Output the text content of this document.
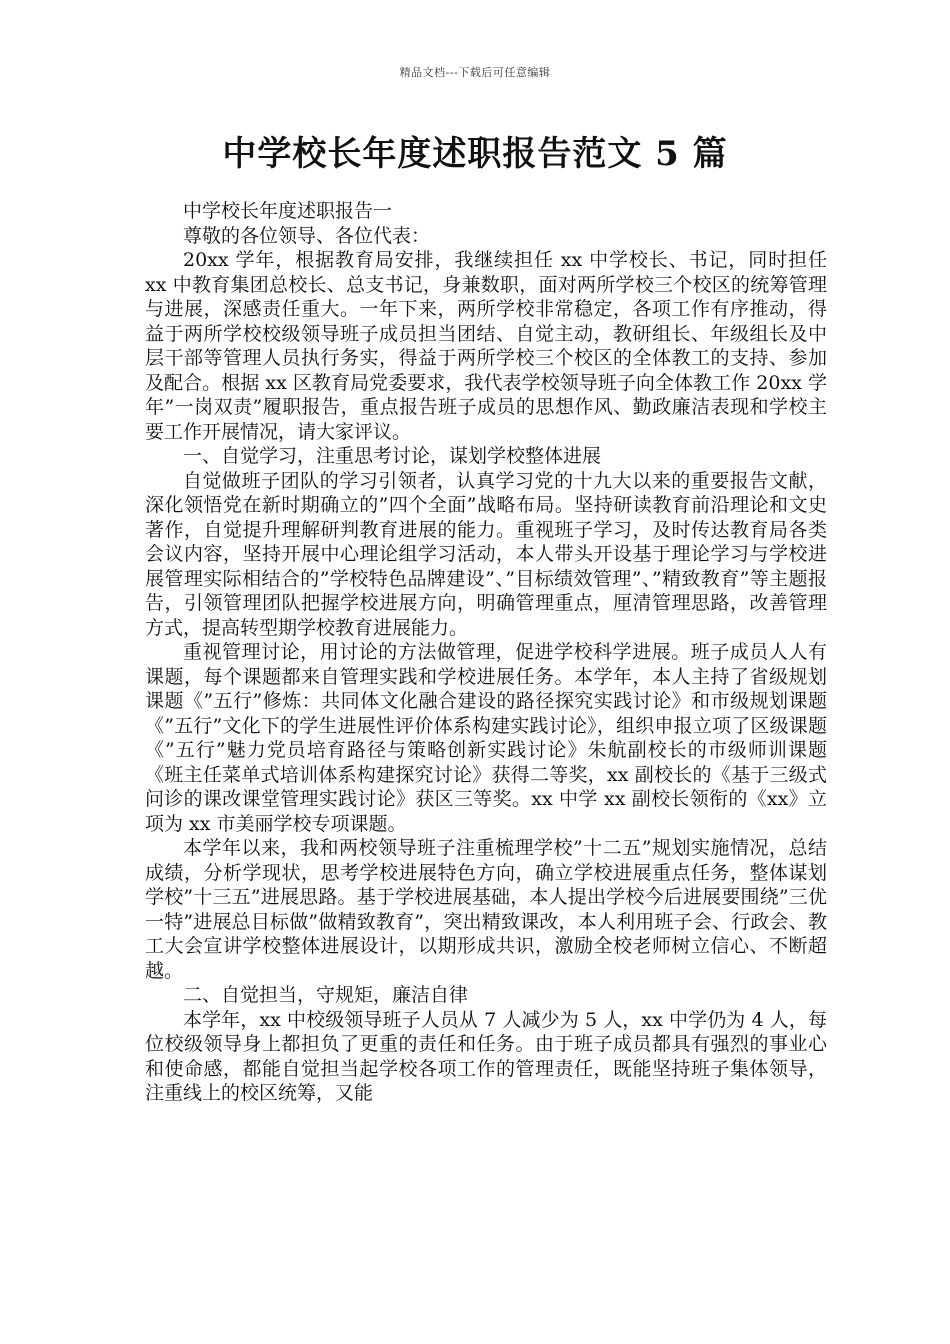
精品文档---下载后可任意编辑
中学校长年度述职报告范文 5 篇

中学校长年度述职报告一

尊敬的各位领导、各位代表：

20xx 学年，根据教育局安排，我继续担任 xx 中学校长、书记，同时担任 xx 中教育集团总校长、总支书记，身兼数职，面对两所学校三个校区的统筹管理与进展，深感责任重大。一年下来，两所学校非常稳定，各项工作有序推动，得益于两所学校校级领导班子成员担当团结、自觉主动，教研组长、年级组长及中层干部等管理人员执行务实，得益于两所学校三个校区的全体教工的支持、参加及配合。根据 xx 区教育局党委要求，我代表学校领导班子向全体教工作 20xx 学年”一岗双责”履职报告，重点报告班子成员的思想作风、勤政廉洁表现和学校主要工作开展情况，请大家评议。

一、自觉学习，注重思考讨论，谋划学校整体进展

自觉做班子团队的学习引领者，认真学习党的十九大以来的重要报告文献，深化领悟党在新时期确立的”四个全面”战略布局。坚持研读教育前沿理论和文史著作，自觉提升理解研判教育进展的能力。重视班子学习，及时传达教育局各类会议内容，坚持开展中心理论组学习活动，本人带头开设基于理论学习与学校进展管理实际相结合的”学校特色品牌建设”、”目标绩效管理”、”精致教育”等主题报告，引领管理团队把握学校进展方向，明确管理重点，厘清管理思路，改善管理方式，提高转型期学校教育进展能力。

重视管理讨论，用讨论的方法做管理，促进学校科学进展。班子成员人人有课题，每个课题都来自管理实践和学校进展任务。本学年，本人主持了省级规划课题《”五行”修炼：共同体文化融合建设的路径探究实践讨论》和市级规划课题《”五行”文化下的学生进展性评价体系构建实践讨论》，组织申报立项了区级课题《”五行”魅力党员培育路径与策略创新实践讨论》朱航副校长的市级师训课题《班主任菜单式培训体系构建探究讨论》获得二等奖，xx 副校长的《基于三级式问诊的课改课堂管理实践讨论》获区三等奖。xx 中学 xx 副校长领衔的《xx》立项为 xx 市美丽学校专项课题。

本学年以来，我和两校领导班子注重梳理学校”十二五”规划实施情况，总结成绩，分析学现状，思考学校进展特色方向，确立学校进展重点任务，整体谋划学校”十三五”进展思路。基于学校进展基础，本人提出学校今后进展要围绕”三优一特”进展总目标做”做精致教育”，突出精致课改，本人利用班子会、行政会、教工大会宣讲学校整体进展设计，以期形成共识，激励全校老师树立信心、不断超越。

二、自觉担当，守规矩，廉洁自律

本学年，xx 中校级领导班子人员从 7 人减少为 5 人，xx 中学仍为 4 人，每位校级领导身上都担负了更重的责任和任务。由于班子成员都具有强烈的事业心和使命感，都能自觉担当起学校各项工作的管理责任，既能坚持班子集体领导，注重线上的校区统筹，又能
